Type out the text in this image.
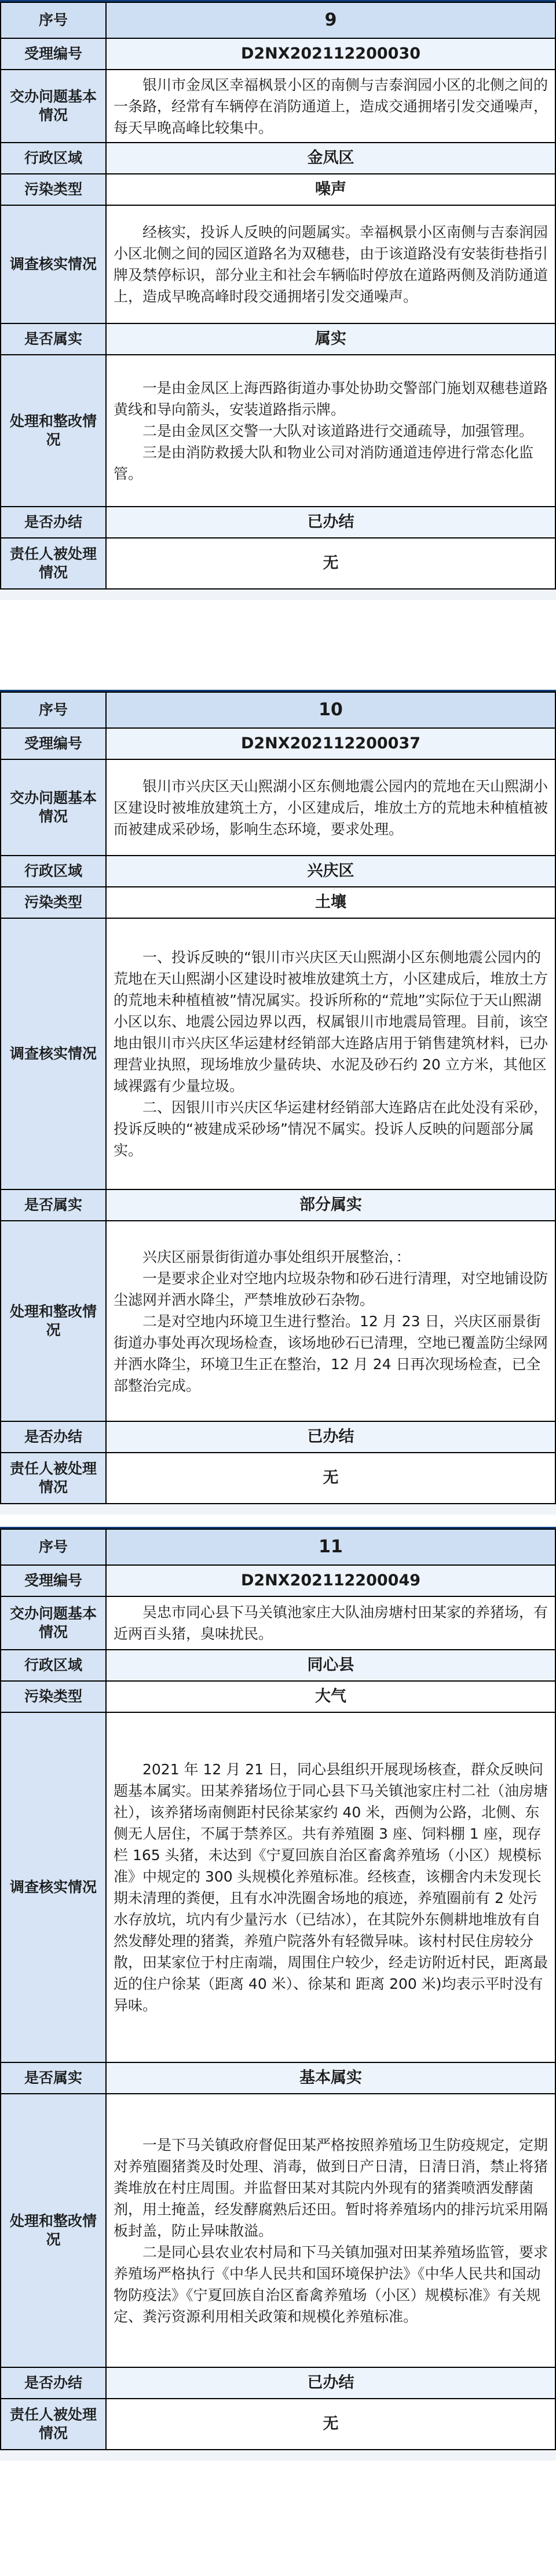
序号	9
受理编号	D2NX202112200030
交办问题基本情况	银川市金凤区幸福枫景小区的南侧与吉泰润园小区的北侧之间的一条路，经常有车辆停在消防通道上，造成交通拥堵引发交通噪声，每天早晚高峰比较集中。

行政区域	金凤区
污染类型	噪声
调查核实情况	经核实，投诉人反映的问题属实。幸福枫景小区南侧与吉泰润园小区北侧之间的园区道路名为双穗巷，由于该道路没有安装街巷指引牌及禁停标识，部分业主和社会车辆临时停放在道路两侧及消防通道上，造成早晚高峰时段交通拥堵引发交通噪声。

是否属实	属实
处理和整改情况	一是由金凤区上海西路街道办事处协助交警部门施划双穗巷道路黄线和导向箭头，安装道路指示牌。

二是由金凤区交警一大队对该道路进行交通疏导，加强管理。

三是由消防救援大队和物业公司对消防通道违停进行常态化监管。

是否办结	已办结
责任人被处理情况	无
序号	10
受理编号	D2NX202112200037
交办问题基本情况	银川市兴庆区天山熙湖小区东侧地震公园内的荒地在天山熙湖小区建设时被堆放建筑土方，小区建成后，堆放土方的荒地未种植植被而被建成采砂场，影响生态环境，要求处理。

行政区域	兴庆区
污染类型	土壤
调查核实情况	一、投诉反映的“银川市兴庆区天山熙湖小区东侧地震公园内的荒地在天山熙湖小区建设时被堆放建筑土方，小区建成后，堆放土方的荒地未种植植被”情况属实。投诉所称的“荒地”实际位于天山熙湖小区以东、地震公园边界以西，权属银川市地震局管理。目前，该空地由银川市兴庆区华运建材经销部大连路店用于销售建筑材料，已办理营业执照，现场堆放少量砖块、水泥及砂石约 20 立方米，其他区域裸露有少量垃圾。

二、因银川市兴庆区华运建材经销部大连路店在此处没有采砂，投诉反映的“被建成采砂场”情况不属实。投诉人反映的问题部分属实。

是否属实	部分属实
处理和整改情况	兴庆区丽景街街道办事处组织开展整治，：

一是要求企业对空地内垃圾杂物和砂石进行清理，对空地铺设防尘滤网并洒水降尘，严禁堆放砂石杂物。

二是对空地内环境卫生进行整治。12 月 23 日，兴庆区丽景街街道办事处再次现场检查，该场地砂石已清理，空地已覆盖防尘绿网并洒水降尘，环境卫生正在整治，12 月 24 日再次现场检查，已全部整治完成。

是否办结	已办结
责任人被处理情况	无
序号	11
受理编号	D2NX202112200049
交办问题基本情况	吴忠市同心县下马关镇池家庄大队油房塘村田某家的养猪场，有近两百头猪，臭味扰民。

行政区域	同心县
污染类型	大气
调查核实情况	2021 年 12 月 21 日，同心县组织开展现场核查，群众反映问题基本属实。田某养猪场位于同心县下马关镇池家庄村二社（油房塘社），该养猪场南侧距村民徐某家约 40 米，西侧为公路，北侧、东侧无人居住，不属于禁养区。共有养殖圈 3 座、饲料棚 1 座，现存栏 165 头猪，未达到《宁夏回族自治区畜禽养殖场（小区）规模标准》中规定的 300 头规模化养殖标准。经核查，该棚舍内未发现长期未清理的粪便，且有水冲洗圈舍场地的痕迹，养殖圈前有 2 处污水存放坑，坑内有少量污水（已结冰），在其院外东侧耕地堆放有自然发酵处理的猪粪，养殖户院落外有轻微异味。该村村民住房较分散，田某家位于村庄南端，周围住户较少，经走访附近村民，距离最近的住户徐某（距离 40 米）、徐某和 距离 200 米)均表示平时没有异味。

是否属实	基本属实
处理和整改情况	一是下马关镇政府督促田某严格按照养殖场卫生防疫规定，定期对养殖圈猪粪及时处理、消毒，做到日产日清，日清日消，禁止将猪粪堆放在村庄周围。并监督田某对其院内外现有的猪粪喷洒发酵菌剂，用土掩盖，经发酵腐熟后还田。暂时将养殖场内的排污坑采用隔板封盖，防止异味散溢。

二是同心县农业农村局和下马关镇加强对田某养殖场监管，要求养殖场严格执行《中华人民共和国环境保护法》《中华人民共和国动物防疫法》《宁夏回族自治区畜禽养殖场（小区）规模标准》有关规定、粪污资源利用相关政策和规模化养殖标准。

是否办结	已办结
责任人被处理情况	无
